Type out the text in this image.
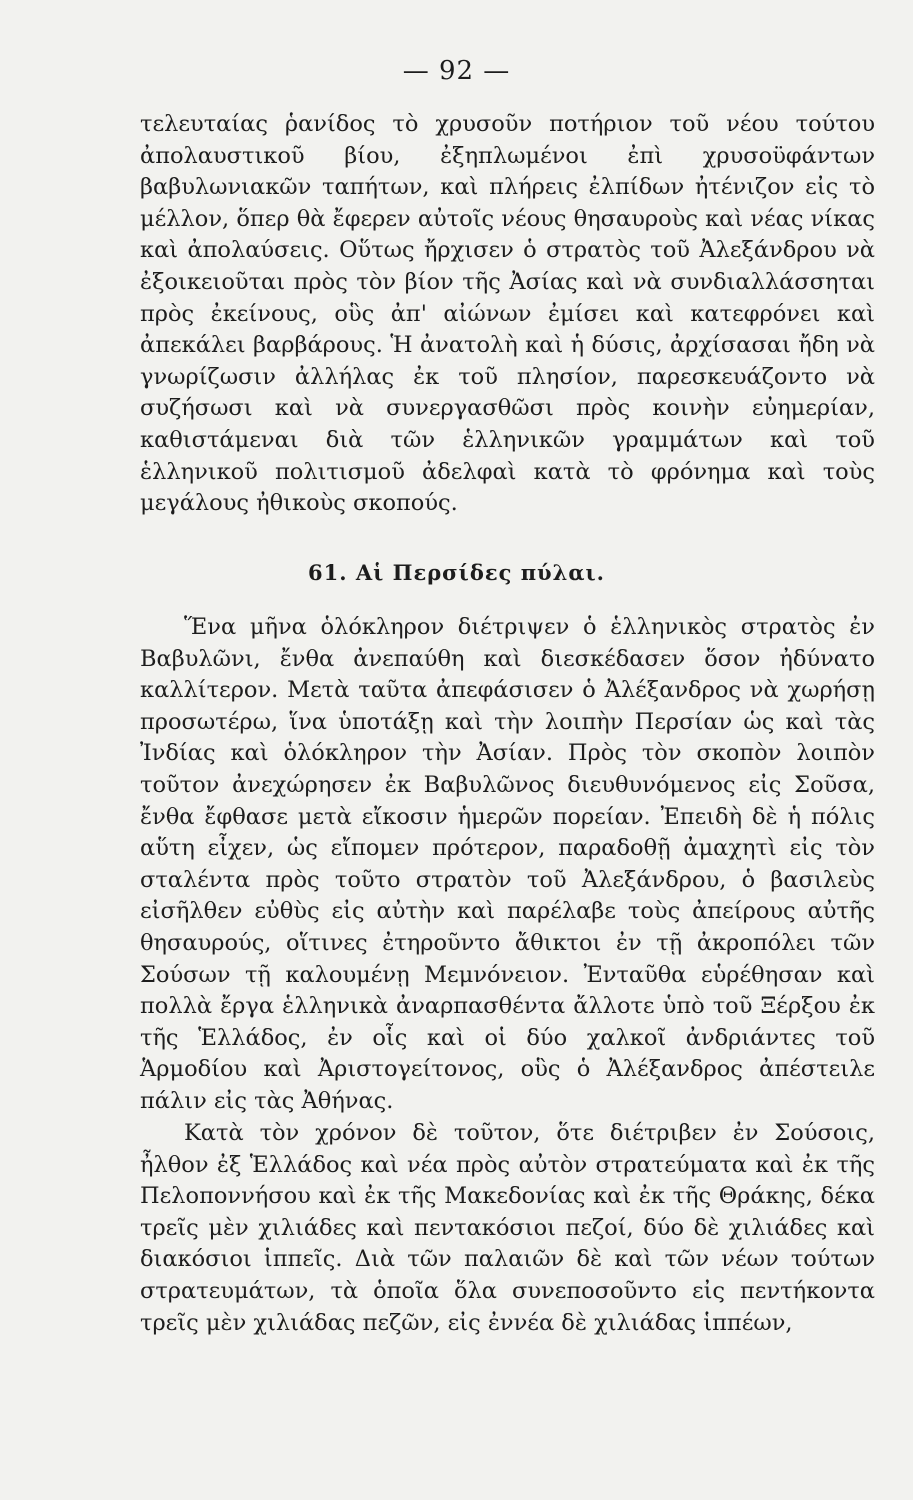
— 92 —

τελευταίας ῥανίδος τὸ χρυσοῦν ποτήριον τοῦ νέου τούτου ἀπολαυστικοῦ βίου, ἐξηπλωμένοι ἐπὶ χρυσοϋφάντων βαβυλωνιακῶν ταπήτων, καὶ πλήρεις ἐλπίδων ἠτένιζον εἰς τὸ μέλλον, ὅπερ θὰ ἔφερεν αὐτοῖς νέους θησαυροὺς καὶ νέας νίκας καὶ ἀπολαύσεις. Οὕτως ἤρχισεν ὁ στρατὸς τοῦ Ἀλεξάνδρου νὰ ἐξοικειοῦται πρὸς τὸν βίον τῆς Ἀσίας καὶ νὰ συνδιαλλάσσηται πρὸς ἐκείνους, οὓς ἀπ' αἰώνων ἐμίσει καὶ κατεφρόνει καὶ ἀπεκάλει βαρβάρους. Ἡ ἀνατολὴ καὶ ἡ δύσις, ἀρχίσασαι ἤδη νὰ γνωρίζωσιν ἀλλήλας ἐκ τοῦ πλησίον, παρεσκευάζοντο νὰ συζήσωσι καὶ νὰ συνεργασθῶσι πρὸς κοινὴν εὐημερίαν, καθιστάμεναι διὰ τῶν ἑλληνικῶν γραμμάτων καὶ τοῦ ἑλληνικοῦ πολιτισμοῦ ἀδελφαὶ κατὰ τὸ φρόνημα καὶ τοὺς μεγάλους ἠθικοὺς σκοπούς.

61. Αἱ Περσίδες πύλαι.

Ἕνα μῆνα ὁλόκληρον διέτριψεν ὁ ἑλληνικὸς στρατὸς ἐν Βαβυλῶνι, ἔνθα ἀνεπαύθη καὶ διεσκέδασεν ὅσον ἠδύνατο καλλίτερον. Μετὰ ταῦτα ἀπεφάσισεν ὁ Ἀλέξανδρος νὰ χωρήσῃ προσωτέρω, ἵνα ὑποτάξῃ καὶ τὴν λοιπὴν Περσίαν ὡς καὶ τὰς Ἰνδίας καὶ ὁλόκληρον τὴν Ἀσίαν. Πρὸς τὸν σκοπὸν λοιπὸν τοῦτον ἀνεχώρησεν ἐκ Βαβυλῶνος διευθυνόμενος εἰς Σοῦσα, ἔνθα ἔφθασε μετὰ εἴκοσιν ἡμερῶν πορείαν. Ἐπειδὴ δὲ ἡ πόλις αὕτη εἶχεν, ὡς εἴπομεν πρότερον, παραδοθῇ ἀμαχητὶ εἰς τὸν σταλέντα πρὸς τοῦτο στρατὸν τοῦ Ἀλεξάνδρου, ὁ βασιλεὺς εἰσῆλθεν εὐθὺς εἰς αὐτὴν καὶ παρέλαβε τοὺς ἀπείρους αὐτῆς θησαυρούς, οἵτινες ἐτηροῦντο ἄθικτοι ἐν τῇ ἀκροπόλει τῶν Σούσων τῇ καλουμένῃ Μεμνόνειον. Ἐνταῦθα εὑρέθησαν καὶ πολλὰ ἔργα ἑλληνικὰ ἀναρπασθέντα ἄλλοτε ὑπὸ τοῦ Ξέρξου ἐκ τῆς Ἑλλάδος, ἐν οἷς καὶ οἱ δύο χαλκοῖ ἀνδριάντες τοῦ Ἁρμοδίου καὶ Ἀριστογείτονος, οὓς ὁ Ἀλέξανδρος ἀπέστειλε πάλιν εἰς τὰς Ἀθήνας.

Κατὰ τὸν χρόνον δὲ τοῦτον, ὅτε διέτριβεν ἐν Σούσοις, ἦλθον ἐξ Ἑλλάδος καὶ νέα πρὸς αὐτὸν στρατεύματα καὶ ἐκ τῆς Πελοποννήσου καὶ ἐκ τῆς Μακεδονίας καὶ ἐκ τῆς Θράκης, δέκα τρεῖς μὲν χιλιάδες καὶ πεντακόσιοι πεζοί, δύο δὲ χιλιάδες καὶ διακόσιοι ἱππεῖς. Διὰ τῶν παλαιῶν δὲ καὶ τῶν νέων τούτων στρατευμάτων, τὰ ὁποῖα ὅλα συνεποσοῦντο εἰς πεντήκοντα τρεῖς μὲν χιλιάδας πεζῶν, εἰς ἐννέα δὲ χιλιάδας ἱππέων,
